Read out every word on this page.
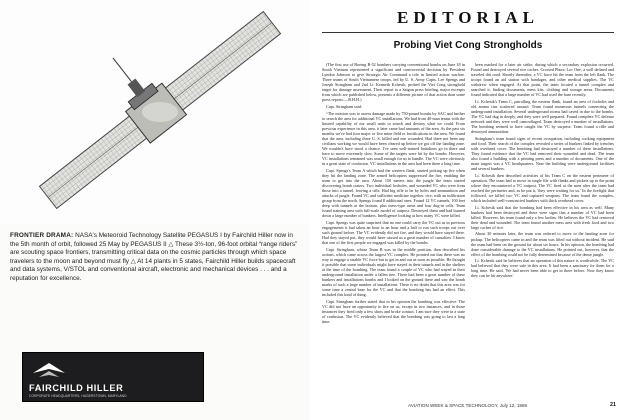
FRONTIER DRAMA: NASA's Meteoroid Technology Satellite PEGASUS I by Fairchild Hiller now in the 5th month of orbit, followed 25 May by PEGASUS II △ These 3½-ton, 96-foot orbital “range riders” are scouting space frontiers, transmitting critical data on the cosmic particles through which space travelers to the moon and beyond must fly △ At 14 plants in 5 states, Fairchild Hiller builds spacecraft and data systems, V/STOL and conventional aircraft, electronic and mechanical devices . . . and a reputation for excellence.
FAIRCHILD HILLER
CORPORATE HEADQUARTERS, HAGERSTOWN, MARYLAND
EDITORIAL
Probing Viet Cong Strongholds

(The first use of Boeing B-52 bombers carrying conventional bombs on June 18 in South Vietnam represented a significant and controversial decision by President Lyndon Johnson to give Strategic Air Command a role in limited action warfare. Three teams of South Vietnamese troops, led by U. S. Army Capts. Lee Spengs and Joseph Stringham and 2nd Lt. Kenneth Kchesik, probed the Viet Cong stronghold target for damage assessment. Their report to a Saigon press briefing, major excerpts from which are published below, presents a different picture of that action than some press reports.—R.H.H.)

Capt. Stringham said:

“The mission was to assess damage made by 750-pound bombs by SAC and further to search the area for additional VC installations. We had from 40-man teams with the limited capability of our small units to search and destroy what we could. From previous experience in this area, it later came bad amounts of the area. As the past six months we've had four major or five mine field or fortifications in the area. We found that the area, including three U. S. killed and one wounded. Had there not been any civilians working we would have been cleared up before we got off the landing zone. We wouldn't have stood a chance. I've seen well-trained battalions go in there and have to move extremely slow. Some of the targets were hit by the bombs. However, VC installations remained was small enough for us to handle. The VC were obviously in a great state of confusion. VC installations in the area had been there a long time.

Capt. Spengs's Team A which had the western flank, started picking up fire when they hit the landing zone. The armed helicopters suppressed the fire, enabling the team to get into the area. About 150 meters into the jungle the team started discovering bomb craters. Two individual foxholes, and wounded VC who were from those into a tunnel, leaving a rifle. Had big rifle to be by holes and ammunition and attacks of jungle. Found VC and sufficient medicine together, rice, with an infiltration group from the north. Spengs found 8 additional ones. Found 12 VC tunnels, 100 feet deep with tunnels at the bottom, plus mess-type areas and four dug-in cells. Team found training area with full-scale model of outpost. Destroyed them and had burned down a large number of bunkers. Intelligence looking at how many VC were killed.

Capt. Spengs was quite surprised that no one could carry the VC out as in previous engagements it had taken an hour to an hour and a half to run such troops out over such ground before. The VC evidently did not fire, and they would have stayed there. Had they stayed put, they would have caused us a great number of casualties. I know that one of the first people we engaged was killed by the bombs.

Capt. Stringham, whose Team B was in the middle position, then described his actions, which came across the largest VC complex. He pointed out that there was no way to engage a sizable VC force but to get in and out as soon as possible. He thought it possible that some individuals might have stayed in their tunnels and in the shelters at the time of the bombing. The team found a couple of VC who had stayed in their underground installation under a fallen tree. There had been a great number of these bunkers and installations bombs and I looked on the ground there and saw the bomb marks of such a large number of installations. There is no doubt that this area was for some time a central base for the VC and that the bombing has had an effect. This included this kind of thing.

Capt. Stringham further stated that in his opinion the bombing was effective. The VC did not have an opportunity to fire on us, except in two instances, and in those instances they fired only a few shots and broke contact. I am sure they were in a state of confusion. The VC evidently believed that the bombing was going to last a long time.

been marked for a later air strike, during which a secondary explosion occurred. Found and destroyed several rice caches. Crossed Phuoc Loc One, a well defined and traveled dirt road. Shortly thereafter, a VC force hit the team from the left flank. The troops found an aid station with bandages, and other medical supplies. The VC withdrew when engaged. At that point, the team located a tunnel complex and searched it, finding documents, mess kits, clothing and storage areas. Documents found indicated that a large number of VC had used the base recently.

Lt. Kchesik's Team C, patrolling the eastern flank, found an area of foxholes and old ammo tins scattered around. Team found numerous tunnels connecting the underground installation. Several underground rooms had caved in due to the bombs. The VC had dug in deeply, and they were well prepared. Found complete VC defense network and they were well camouflaged. Team destroyed a number of installations. The bombing seemed to have caught the VC by surprise. Team found a rifle and destroyed ammunition.

Stringham's team found signs of recent occupation, including cooking equipment and food. Their search of the complex revealed a series of bunkers linked by trenches with overhead cover. The bombing had destroyed a number of these installations. They found evidence that the VC had removed their wounded and dead. The team also found a building with a printing press and a number of documents. One of the main targets was a VC headquarters. Near the building were underground facilities and several bunkers.

Lt. Kchesik then described activities of his Team C on the eastern perimeter of operation. The team had to move in single file with flanks and pickets up to the point where they encountered a VC outpost. The VC fired at the men after the team had reached the perimeter and, as he put it, 'they were waiting for us.' In the firefight that followed, we killed two VC and captured weapons. The team found the complex, which included well-constructed bunkers with thick overhead cover.

Lt. Kchesik said that the bombing had been effective in his area as well. Many bunkers had been destroyed and there were signs that a number of VC had been killed. However, his team found only a few bodies. He believes the VC had removed their dead and wounded. The team found another mess area with fresh food and two large caches of rice.

About 30 minutes later, the team was ordered to move to the landing zone for pickup. The helicopters came in and the team was lifted out without incident. He said the team had been on the ground for about six hours. In his opinion, the bombing had done considerable damage to the VC installations. He pointed out, however, that the effect of the bombing could not be fully determined because of the dense jungle.

Lt. Kchesik said he believes that an operation of this nature is worthwhile. The VC had believed that they were safe in this area. It had been a sanctuary for them for a long time. He said, 'We had never been able to get in there before. Now they know they can be hit anywhere.'

AVIATION WEEK & SPACE TECHNOLOGY, July 12, 1965	21
